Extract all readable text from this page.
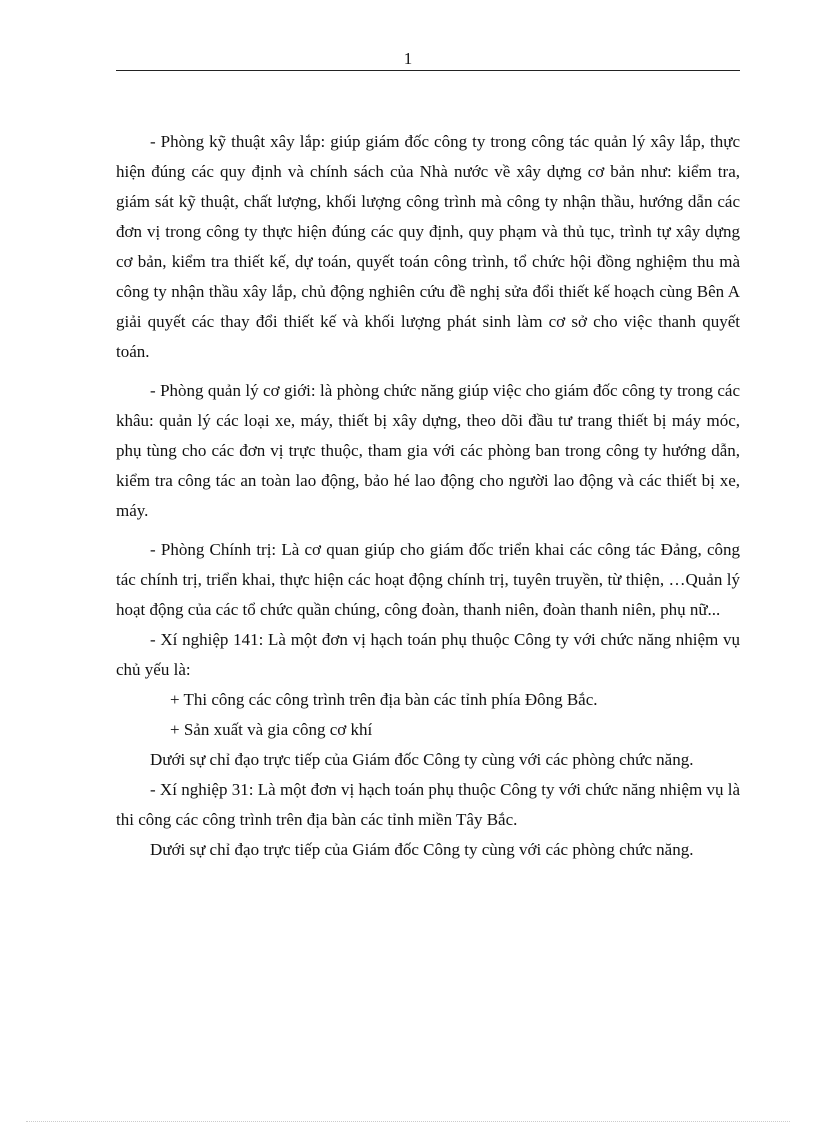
1

- Phòng kỹ thuật xây lắp: giúp giám đốc công ty trong công tác quản lý xây lắp, thực hiện đúng các quy định và chính sách của Nhà nước về xây dựng cơ bản như: kiểm tra, giám sát kỹ thuật, chất lượng, khối lượng công trình mà công ty nhận thầu, hướng dẫn các đơn vị trong công ty thực hiện đúng các quy định, quy phạm và thủ tục, trình tự xây dựng cơ bản, kiểm tra thiết kế, dự toán, quyết toán công trình, tổ chức hội đồng nghiệm thu mà công ty nhận thầu xây lắp, chủ động nghiên cứu đề nghị sửa đổi thiết kế hoạch cùng Bên A giải quyết các thay đổi thiết kế và khối lượng phát sinh làm cơ sở cho việc thanh quyết toán.

- Phòng quản lý cơ giới: là phòng chức năng giúp việc cho giám đốc công ty trong các khâu: quản lý các loại xe, máy, thiết bị xây dựng, theo dõi đầu tư trang thiết bị máy móc, phụ tùng cho các đơn vị trực thuộc, tham gia với các phòng ban trong công ty hướng dẫn, kiểm tra công tác an toàn lao động, bảo hé lao động cho người lao động và các thiết bị xe, máy.

- Phòng Chính trị: Là cơ quan giúp cho giám đốc triển khai các công tác Đảng, công tác chính trị, triển khai, thực hiện các hoạt động chính trị, tuyên truyền, từ thiện, …Quản lý hoạt động của các tổ chức quần chúng, công đoàn, thanh niên, đoàn thanh niên, phụ nữ...

- Xí nghiệp 141: Là một đơn vị hạch toán phụ thuộc Công ty với chức năng nhiệm vụ chủ yếu là:

+ Thi công các công trình trên địa bàn các tỉnh phía Đông Bắc.

+ Sản xuất và gia công cơ khí

Dưới sự chỉ đạo trực tiếp của Giám đốc Công ty cùng với các phòng chức năng.

- Xí nghiệp 31: Là một đơn vị hạch toán phụ thuộc Công ty với chức năng nhiệm vụ là thi công các công trình trên địa bàn các tỉnh miền Tây Bắc.

Dưới sự chỉ đạo trực tiếp của Giám đốc Công ty cùng với các phòng chức năng.
